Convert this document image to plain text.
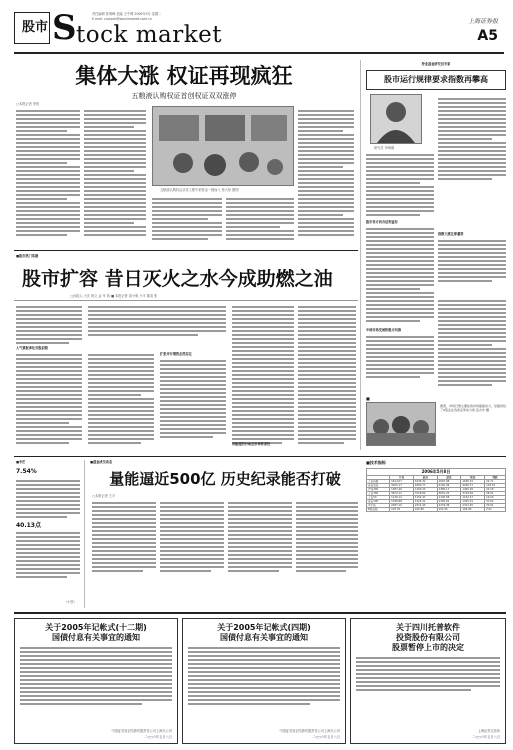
股市 S tock market
责任编辑 张明峰 美编 王中博 2006年5月 星期二
E-mail: cnstock@stockmarket.com.cn	上海证券报
A5
集体大涨 权证再现疯狂
五粮液认购权证首创权证双双涨停
□本报记者 李锐
五粮液认购权证从零上涨引来资金一拥而入 张大伟 摄图
券业基金研究员专家
股市运行规律要求指数再攀高
研究员 李海刚
指数大涨在即蓄势
股市各方向合法利益有
中国市场发展积极方向推
■股市热门话题
股市扩容 昔日灭火之水今成助燃之油
□孙振人 大庆 尚文 金 华 蒋 ■ 本报记者 周小明 小平 陈清 张
入气黄报承化否股前销
扩张并行增资必然存在
风险度的行动在市场背景性
■
据悉，市场行情主要标的市场提振动力，是提供给了A股走在各的走势动力的 张志华 摄
■技术指标
2006年5月8日
	开盘	最高	最低	收盘	涨跌
上证指数	1614.07	1636.32	1607.98	1636.32	24.71
深证成指	4165.17	4260.77	4140.36	4260.77	118.53
沪深300	1387.46	1400.25	1380.17	1400.25	23.18
上证180	3672.12	3718.84	3651.25	3718.84	58.91
上证50	1136.12	1152.47	1130.58	1152.47	19.24
深证100	1398.88	1425.31	1392.62	1425.31	37.62
中小板	2287.10	2312.45	2279.36	2312.45	30.91
B股指数	103.35	106.80	102.95	106.80	2.91
■专栏
7.54%
40.13点
（小张）
■基金成交动态
量能逼近500亿 历史纪录能否打破
□本报记者 王平
关于2005年记帐式(十二期)
国债付息有关事宜的通知
中国证券登记结算有限责任公司上海分公司
二○○六年五月八日
关于2005年记帐式(四期)
国债付息有关事宜的通知
中国证券登记结算有限责任公司上海分公司
二○○六年五月八日
关于四川托普软件
投资股份有限公司
股票暂停上市的决定
上海证券交易所
二○○六年五月八日
